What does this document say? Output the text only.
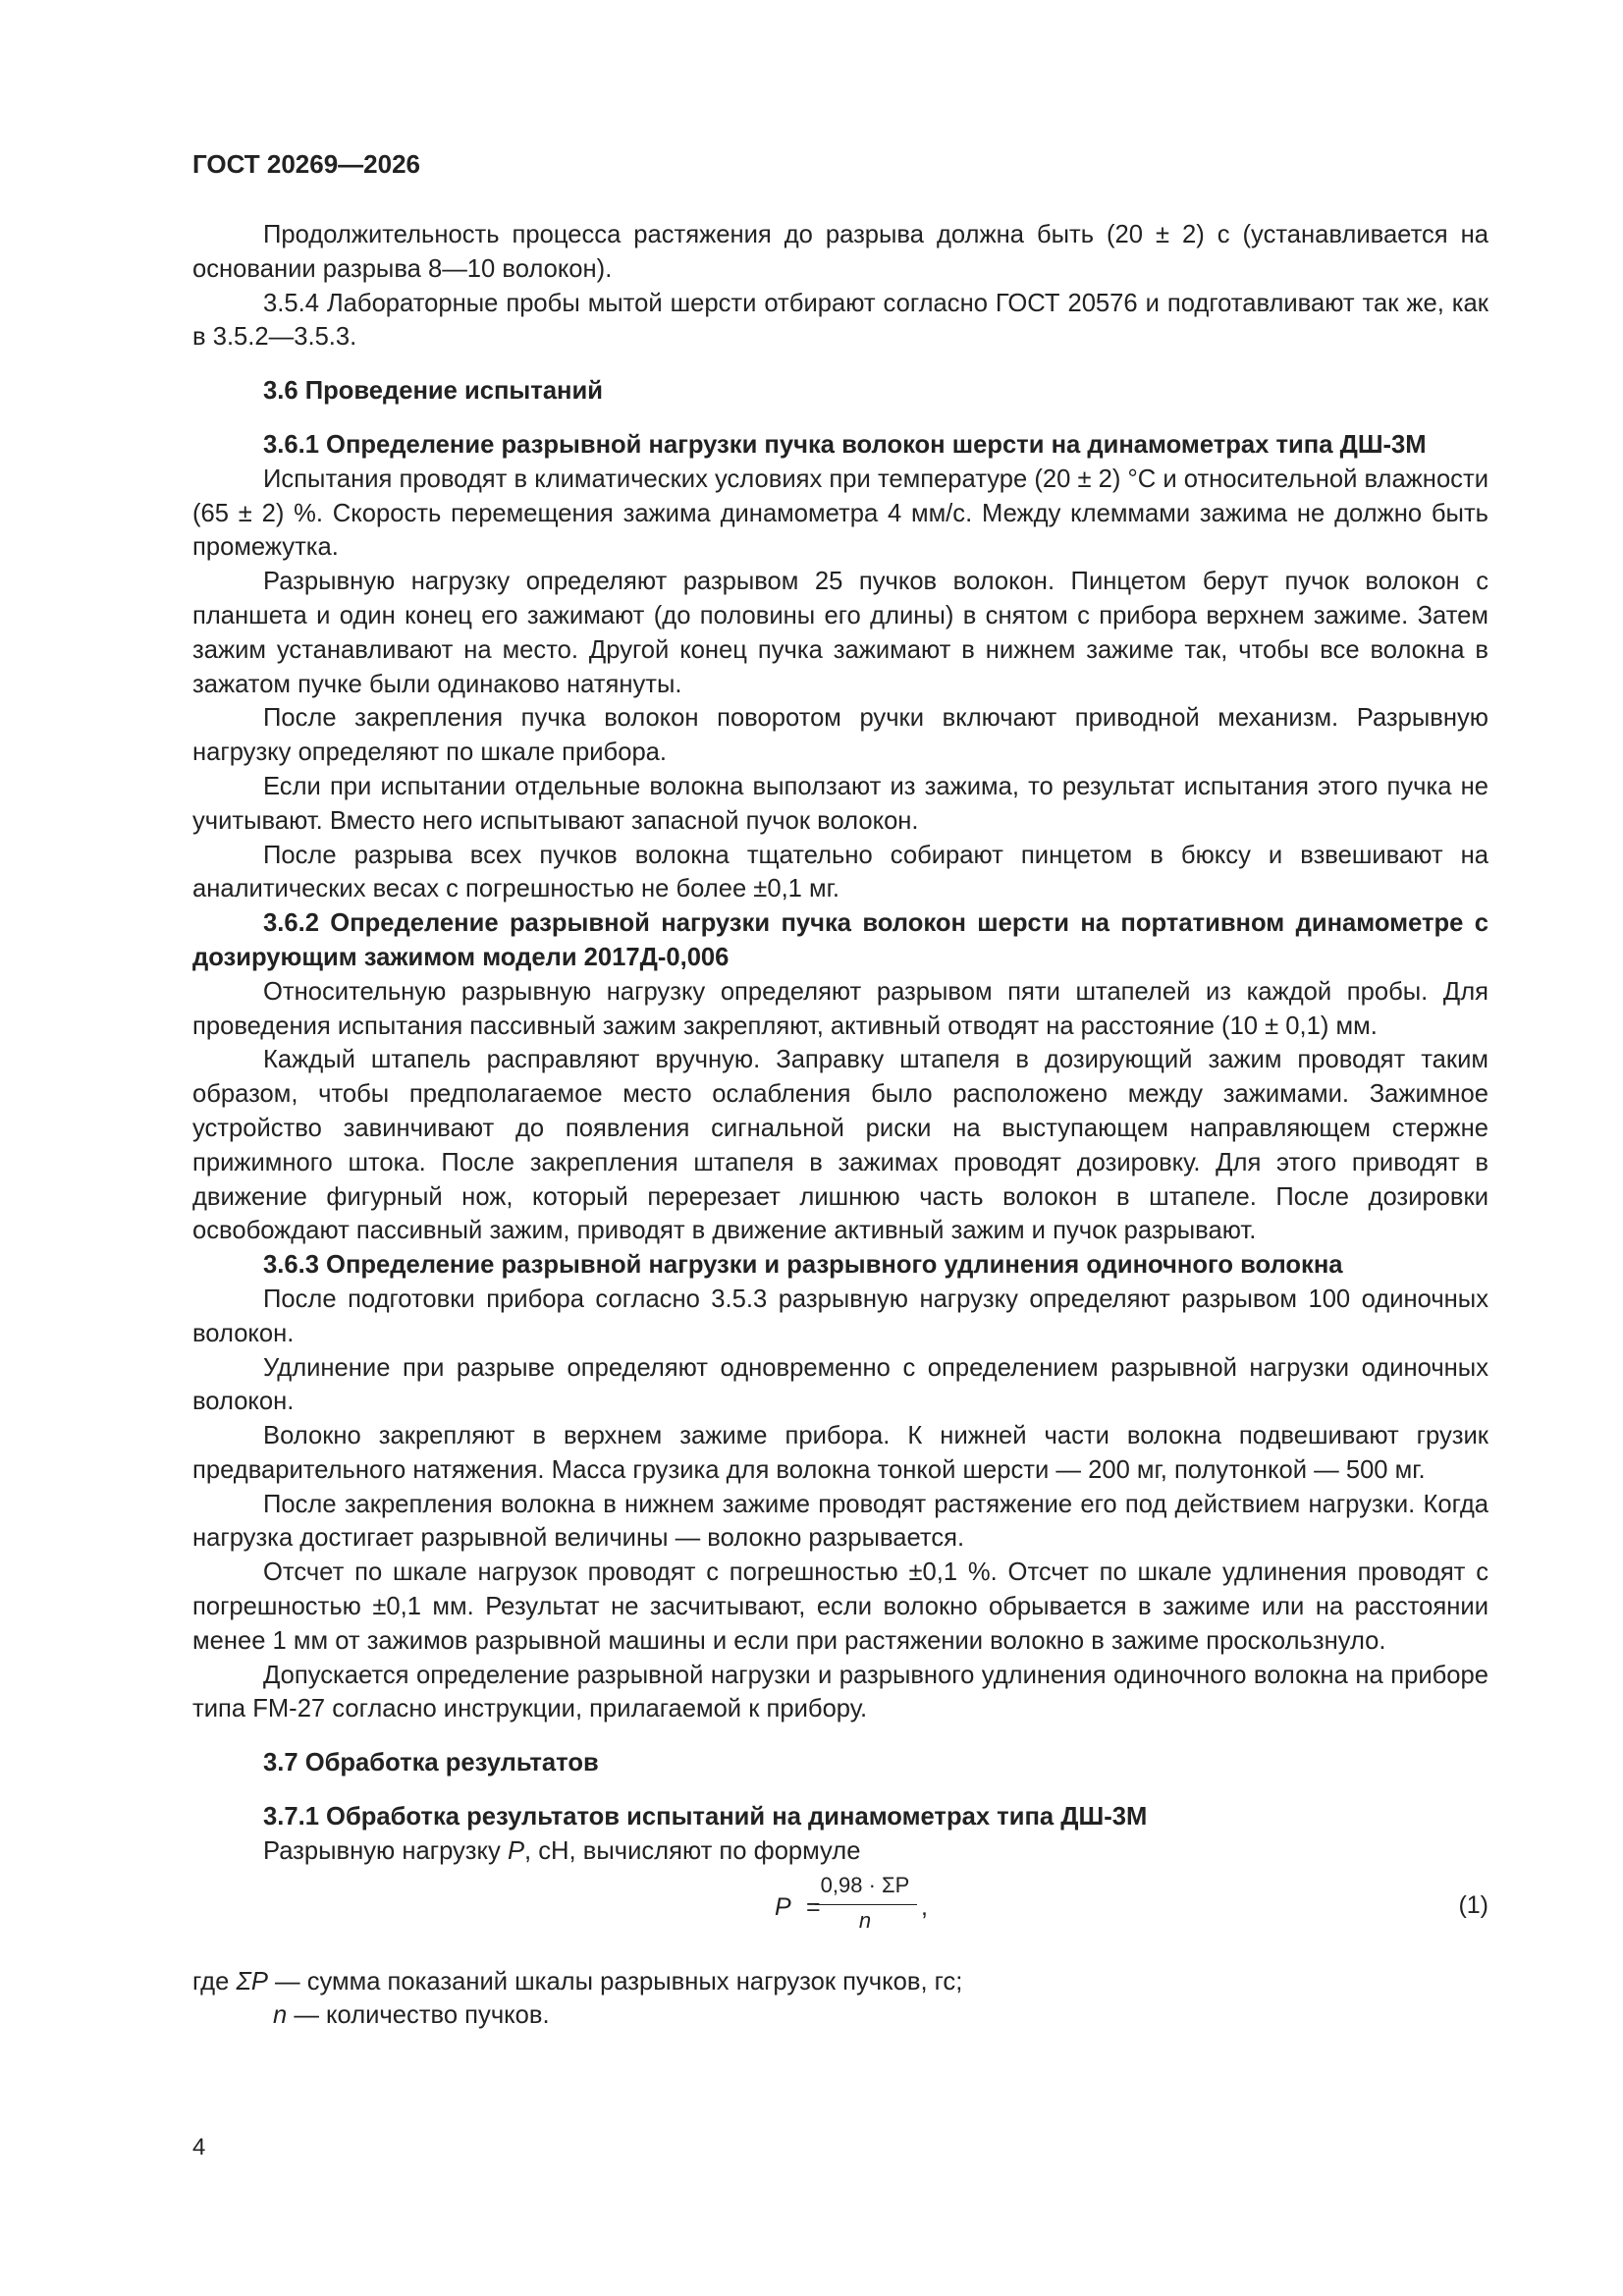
ГОСТ 20269—2026

Продолжительность процесса растяжения до разрыва должна быть (20 ± 2) с (устанавливается на основании разрыва 8—10 волокон).

3.5.4 Лабораторные пробы мытой шерсти отбирают согласно ГОСТ 20576 и подготавливают так же, как в 3.5.2—3.5.3.

3.6 Проведение испытаний

3.6.1 Определение разрывной нагрузки пучка волокон шерсти на динамометрах типа ДШ-3М

Испытания проводят в климатических условиях при температуре (20 ± 2) °С и относительной влажности (65 ± 2) %. Скорость перемещения зажима динамометра 4 мм/с. Между клеммами зажима не должно быть промежутка.

Разрывную нагрузку определяют разрывом 25 пучков волокон. Пинцетом берут пучок волокон с планшета и один конец его зажимают (до половины его длины) в снятом с прибора верхнем зажиме. Затем зажим устанавливают на место. Другой конец пучка зажимают в нижнем зажиме так, чтобы все волокна в зажатом пучке были одинаково натянуты.

После закрепления пучка волокон поворотом ручки включают приводной механизм. Разрывную нагрузку определяют по шкале прибора.

Если при испытании отдельные волокна выползают из зажима, то результат испытания этого пучка не учитывают. Вместо него испытывают запасной пучок волокон.

После разрыва всех пучков волокна тщательно собирают пинцетом в бюксу и взвешивают на аналитических весах с погрешностью не более ±0,1 мг.

3.6.2 Определение разрывной нагрузки пучка волокон шерсти на портативном динамометре с дозирующим зажимом модели 2017Д-0,006

Относительную разрывную нагрузку определяют разрывом пяти штапелей из каждой пробы. Для проведения испытания пассивный зажим закрепляют, активный отводят на расстояние (10 ± 0,1) мм.

Каждый штапель расправляют вручную. Заправку штапеля в дозирующий зажим проводят таким образом, чтобы предполагаемое место ослабления было расположено между зажимами. Зажимное устройство завинчивают до появления сигнальной риски на выступающем направляющем стержне прижимного штока. После закрепления штапеля в зажимах проводят дозировку. Для этого приводят в движение фигурный нож, который перерезает лишнюю часть волокон в штапеле. После дозировки освобождают пассивный зажим, приводят в движение активный зажим и пучок разрывают.

3.6.3 Определение разрывной нагрузки и разрывного удлинения одиночного волокна

После подготовки прибора согласно 3.5.3 разрывную нагрузку определяют разрывом 100 одиночных волокон.

Удлинение при разрыве определяют одновременно с определением разрывной нагрузки одиночных волокон.

Волокно закрепляют в верхнем зажиме прибора. К нижней части волокна подвешивают грузик предварительного натяжения. Масса грузика для волокна тонкой шерсти — 200 мг, полутонкой — 500 мг.

После закрепления волокна в нижнем зажиме проводят растяжение его под действием нагрузки. Когда нагрузка достигает разрывной величины — волокно разрывается.

Отсчет по шкале нагрузок проводят с погрешностью ±0,1 %. Отсчет по шкале удлинения проводят с погрешностью ±0,1 мм. Результат не засчитывают, если волокно обрывается в зажиме или на расстоянии менее 1 мм от зажимов разрывной машины и если при растяжении волокно в зажиме проскользнуло.

Допускается определение разрывной нагрузки и разрывного удлинения одиночного волокна на приборе типа FM-27 согласно инструкции, прилагаемой к прибору.

3.7 Обработка результатов

3.7.1 Обработка результатов испытаний на динамометрах типа ДШ-3М

Разрывную нагрузку P, сН, вычисляют по формуле

P =
0,98 · ΣP
n	,	(1)

где ΣP — сумма показаний шкалы разрывных нагрузок пучков, гс;

n — количество пучков.

4
